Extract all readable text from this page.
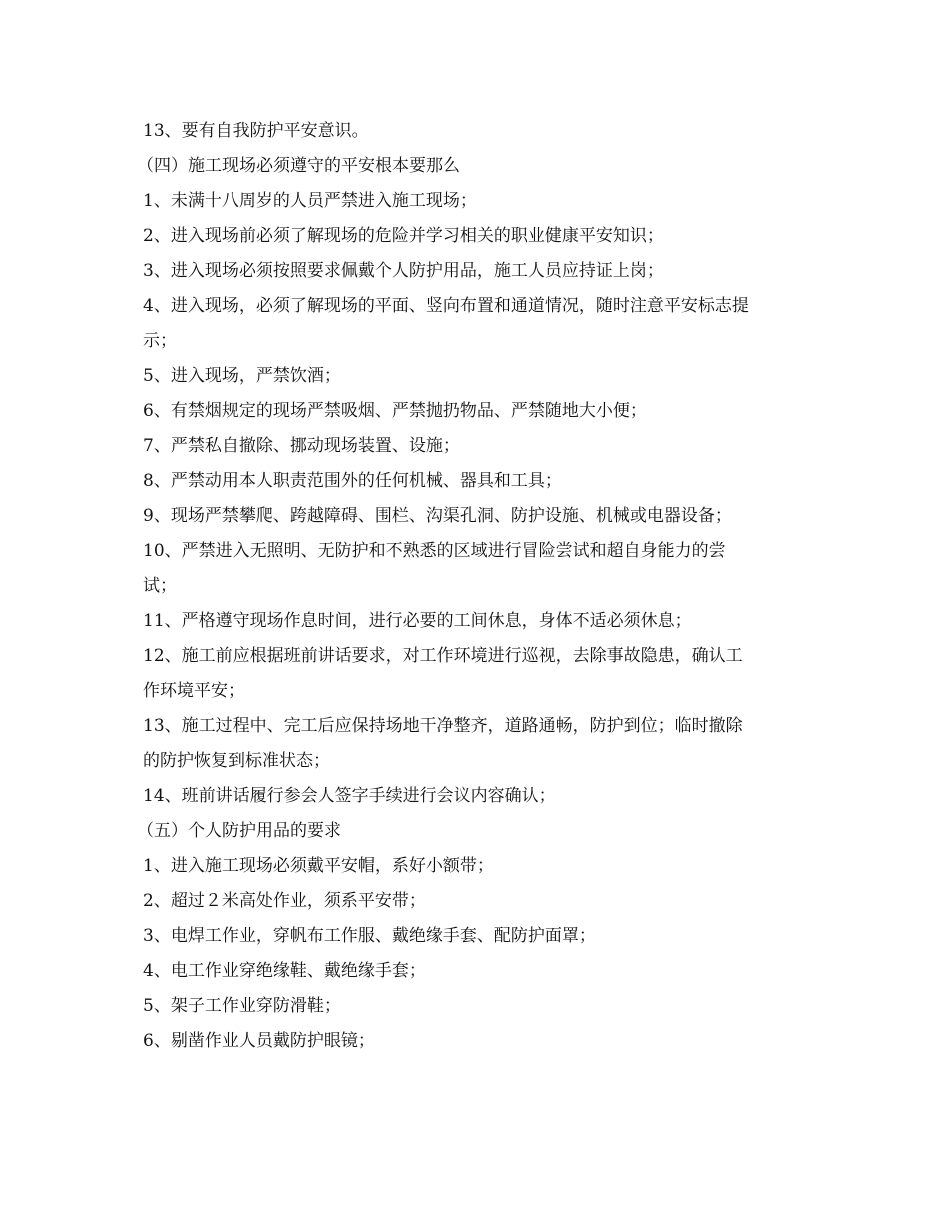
13、要有自我防护平安意识。

（四）施工现场必须遵守的平安根本要那么

1、未满十八周岁的人员严禁进入施工现场；

2、进入现场前必须了解现场的危险并学习相关的职业健康平安知识；

3、进入现场必须按照要求佩戴个人防护用品，施工人员应持证上岗；

4、进入现场，必须了解现场的平面、竖向布置和通道情况，随时注意平安标志提

示；

5、进入现场，严禁饮酒；

6、有禁烟规定的现场严禁吸烟、严禁抛扔物品、严禁随地大小便；

7、严禁私自撤除、挪动现场装置、设施；

8、严禁动用本人职责范围外的任何机械、器具和工具；

9、现场严禁攀爬、跨越障碍、围栏、沟渠孔洞、防护设施、机械或电器设备；

10、严禁进入无照明、无防护和不熟悉的区域进行冒险尝试和超自身能力的尝

试；

11、严格遵守现场作息时间，进行必要的工间休息，身体不适必须休息；

12、施工前应根据班前讲话要求，对工作环境进行巡视，去除事故隐患，确认工

作环境平安；

13、施工过程中、完工后应保持场地干净整齐，道路通畅，防护到位；临时撤除

的防护恢复到标准状态；

14、班前讲话履行参会人签字手续进行会议内容确认；

（五）个人防护用品的要求

1、进入施工现场必须戴平安帽，系好小额带；

2、超过２米高处作业，须系平安带；

3、电焊工作业，穿帆布工作服、戴绝缘手套、配防护面罩；

4、电工作业穿绝缘鞋、戴绝缘手套；

5、架子工作业穿防滑鞋；

6、剔凿作业人员戴防护眼镜；
